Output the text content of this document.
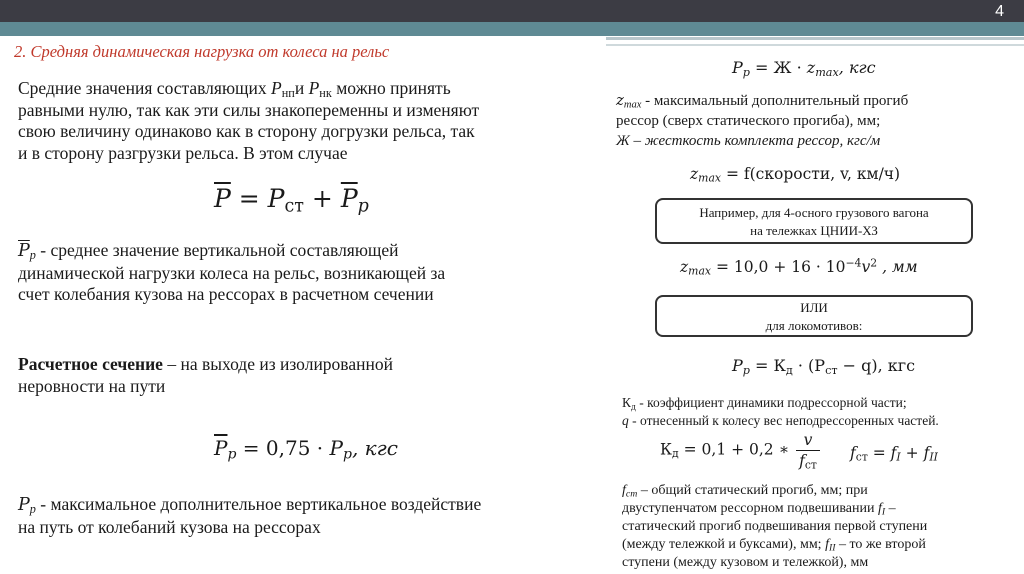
4
2. Средняя динамическая нагрузка от колеса на рельс
Средние значения составляющих $P_{нп}и$ $P_{нк}$ можно принять
равными нулю, так как эти силы знакопеременны и изменяют
свою величину одинаково как в сторону догрузки рельса, так
и в сторону разгрузки рельса. В этом случае
$\overline{P} = P_{ст} + \overline{P}_p$
$\overline{P}_p$ - среднее значение вертикальной составляющей
динамической нагрузки колеса на рельс, возникающей за
счет колебания кузова на рессорах в расчетном сечении
Расчетное сечение – на выходе из изолированной
неровности на пути
$\overline{P}_p = 0,75 \cdot P_p$, кгс
$P_p$ - максимальное дополнительное вертикальное воздействие
на путь от колебаний кузова на рессорах
$P_p = Ж \cdot z_{max}$, кгс
$z_{max}$ - максимальный дополнительный прогиб
рессор (сверх статического прогиба), мм;
Ж – жесткость комплекта рессор, кгс/м
$z_{max}$ = f(скорости, v, км/ч)
Например, для 4-осного грузового вагона
на тележках ЦНИИ-ХЗ
$z_{max} = 10,0 + 16 \cdot 10^{-4}v^2$ , мм
ИЛИ
для локомотивов:
$P_p = К_д \cdot (P_{ст} - q)$, кгс
$К_д$ - коэффициент динамики подрессорной части;
q - отнесенный к колесу вес неподрессоренных частей.
$К_д = 0,1 + 0,2$ ∗ $\frac{v}{f_{ст}} f_{ст} = f_I + f_{II}$
$f_{ст}$ – общий статический прогиб, мм; при
двуступенчатом рессорном подвешивании $f_I$ –
статический прогиб подвешивания первой ступени
(между тележкой и буксами), мм; $f_{II}$ – то же второй
ступени (между кузовом и тележкой), мм
